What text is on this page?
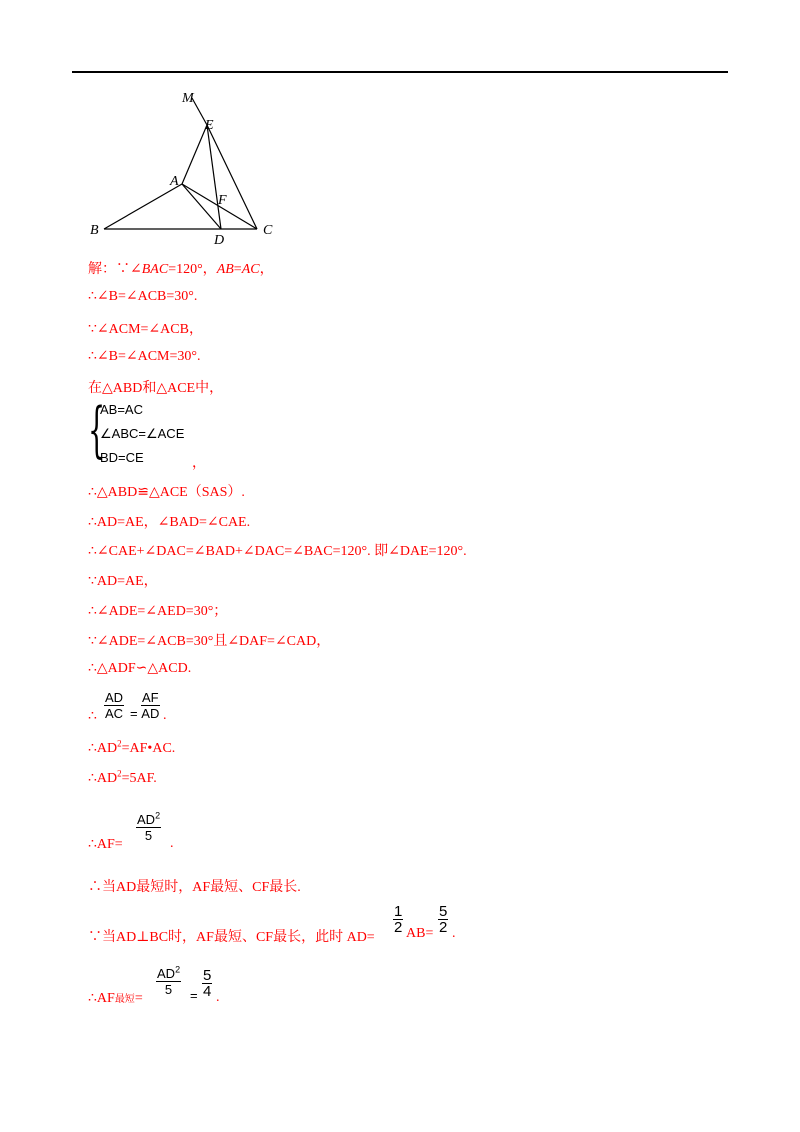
M
E
A
F
B
D
C
解：∵∠BAC=120°，AB=AC，
∴∠B=∠ACB=30°.
∵∠ACM=∠ACB，
∴∠B=∠ACM=30°.
在△ABD和△ACE中，
{
AB=AC
∠ABC=∠ACE
BD=CE	，
∴△ABD≌△ACE（SAS）.
∴AD=AE，∠BAD=∠CAE.
∴∠CAE+∠DAC=∠BAD+∠DAC=∠BAC=120°. 即∠DAE=120°.
∵AD=AE，
∴∠ADE=∠AED=30°；
∵∠ADE=∠ACB=30°且∠DAF=∠CAD，
∴△ADF∽△ACD.
∴ $\frac{AD}{AC} = \frac{AF}{AD}$ .
$\therefore AD^2=AF•AC$.
$\therefore AD^2=5AF$.
∴AF=
$\frac{AD^2}{5}$
.
∴当AD最短时，AF最短、CF最长.
∵当AD⊥BC时，AF最短、CF最长，此时 AD=
$\frac{1}{2} AB= \frac{5}{2}$ .
∴AF最短=
$\frac{AD^2}{5} = \frac{5}{4}$ .
